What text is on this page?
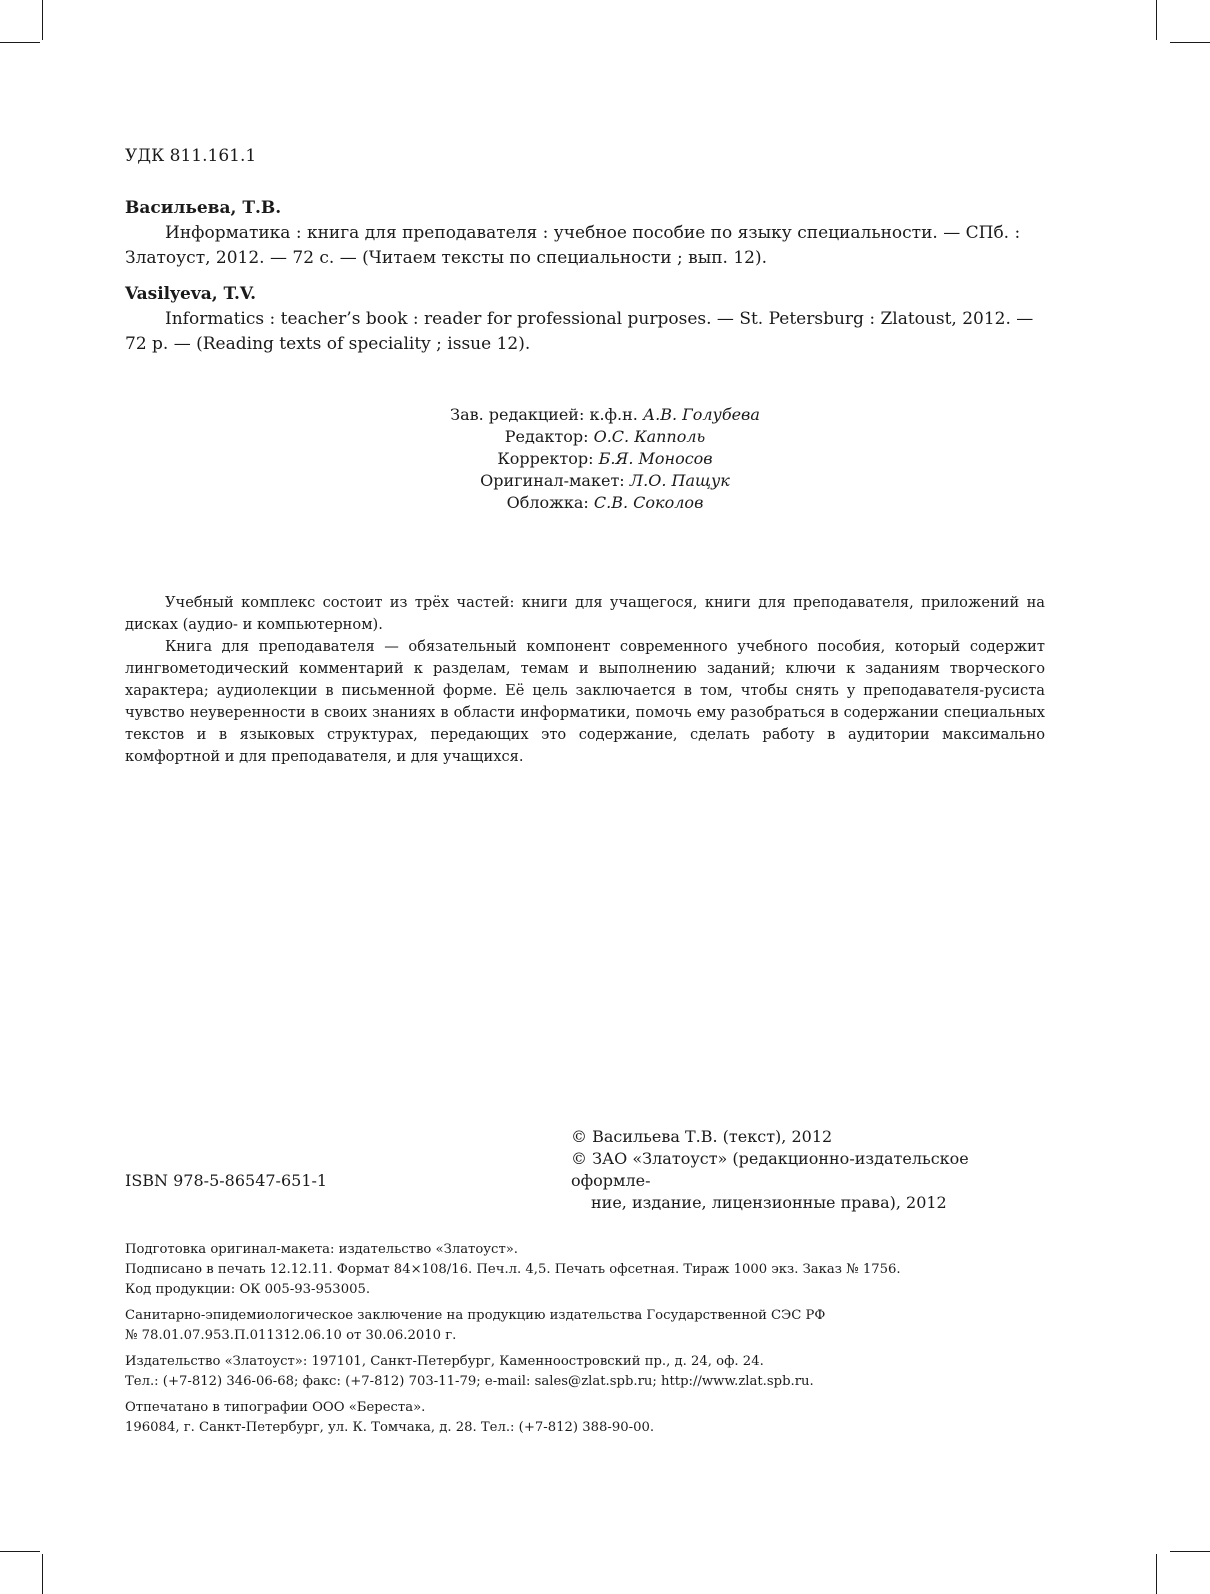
УДК 811.161.1
Васильева, Т.В.
Информатика : книга для преподавателя : учебное пособие по языку специальности. — СПб. : Златоуст, 2012. — 72 с. — (Читаем тексты по специальности ; вып. 12).
Vasilyeva, T.V.
Informatics : teacher’s book : reader for professional purposes. — St. Petersburg : Zlatoust, 2012. — 72 p. — (Reading texts of speciality ; issue 12).
Зав. редакцией: к.ф.н. А.В. Голубева
Редактор: О.С. Капполь
Корректор: Б.Я. Моносов
Оригинал-макет: Л.О. Пащук
Обложка: С.В. Соколов

Учебный комплекс состоит из трёх частей: книги для учащегося, книги для преподавателя, приложений на дисках (аудио- и компьютерном).

Книга для преподавателя — обязательный компонент современного учебного пособия, который содержит лингвометодический комментарий к разделам, темам и выполнению заданий; ключи к заданиям творческого характера; аудиолекции в письменной форме. Её цель заключается в том, чтобы снять у преподавателя-русиста чувство неуверенности в своих знаниях в области информатики, помочь ему разобраться в содержании специальных текстов и в языковых структурах, передающих это содержание, сделать работу в аудитории максимально комфортной и для преподавателя, и для учащихся.

© Васильева Т.В. (текст), 2012
© ЗАО «Златоуст» (редакционно-издательское оформле-
ние, издание, лицензионные права), 2012
ISBN 978-5-86547-651-1
Подготовка оригинал-макета: издательство «Златоуст».
Подписано в печать 12.12.11. Формат 84×108/16. Печ.л. 4,5. Печать офсетная. Тираж 1000 экз. Заказ № 1756.
Код продукции: ОК 005-93-953005.
Санитарно-эпидемиологическое заключение на продукцию издательства Государственной СЭС РФ
№ 78.01.07.953.П.011312.06.10 от 30.06.2010 г.
Издательство «Златоуст»: 197101, Санкт-Петербург, Каменноостровский пр., д. 24, оф. 24.
Тел.: (+7-812) 346-06-68; факс: (+7-812) 703-11-79; e-mail: sales@zlat.spb.ru; http://www.zlat.spb.ru.
Отпечатано в типографии ООО «Береста».
196084, г. Санкт-Петербург, ул. К. Томчака, д. 28. Тел.: (+7-812) 388-90-00.
